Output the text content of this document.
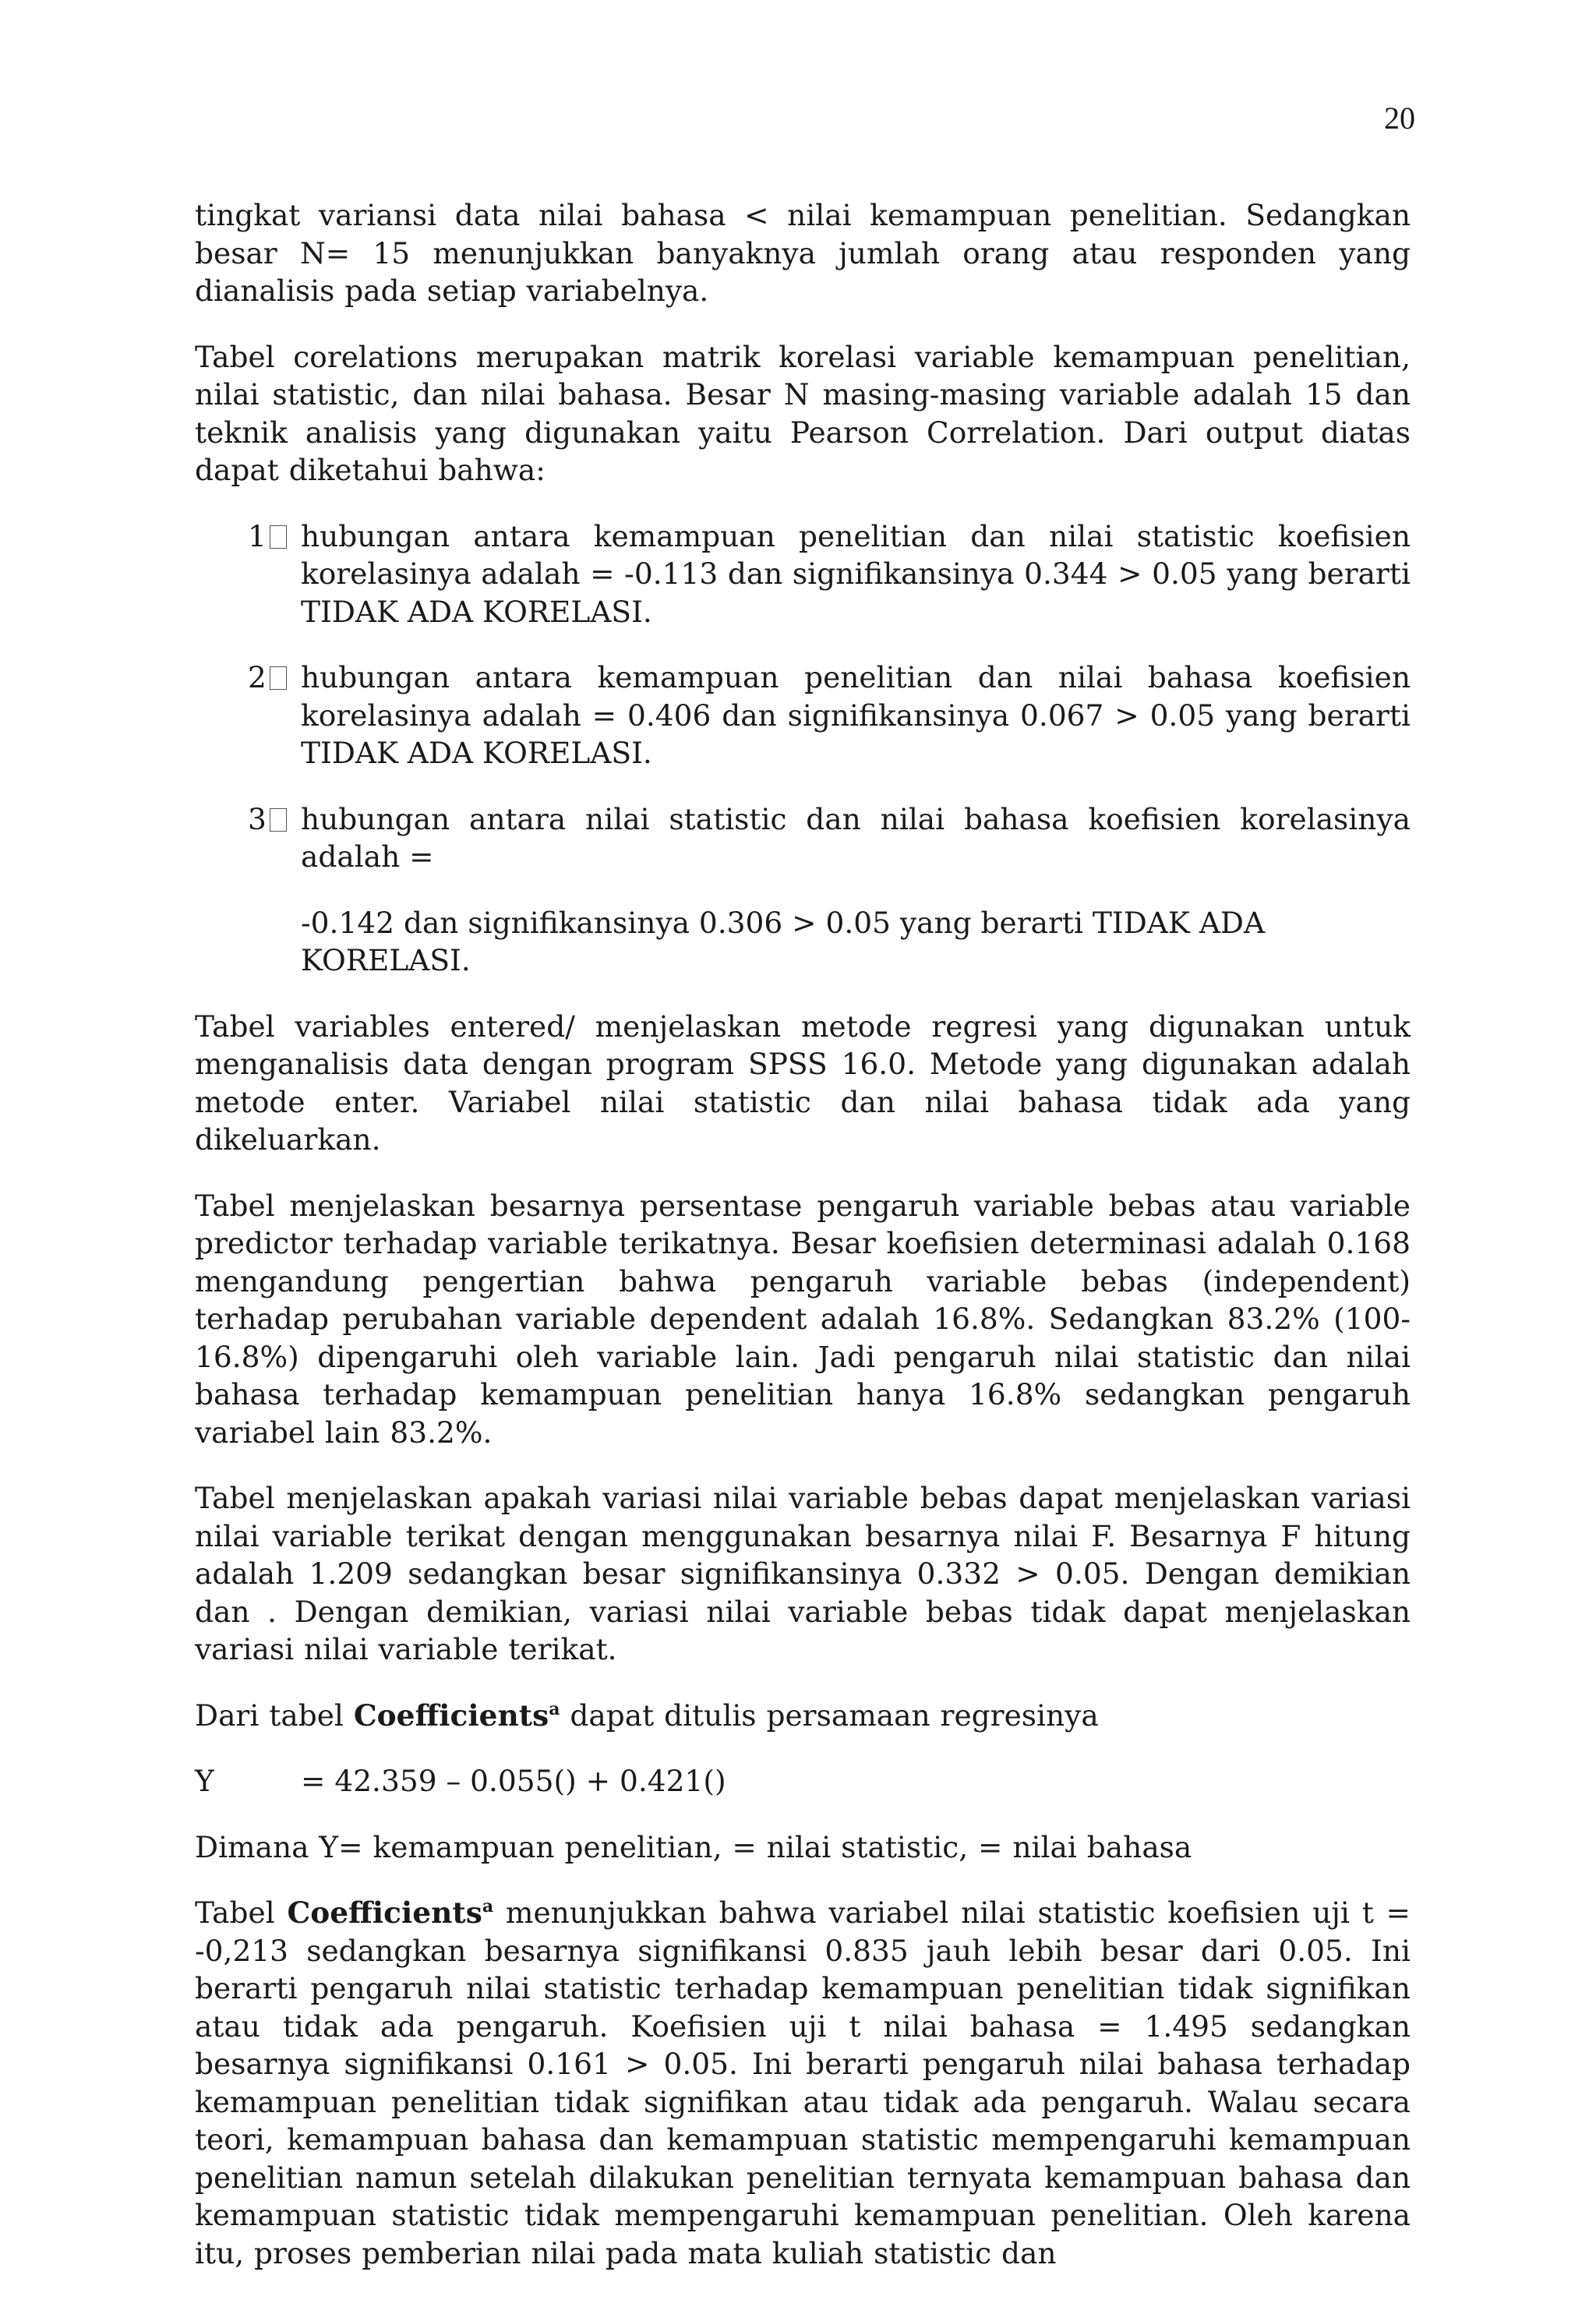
20

tingkat variansi data nilai bahasa < nilai kemampuan penelitian. Sedangkan besar N= 15 menunjukkan banyaknya jumlah orang atau responden yang dianalisis pada setiap variabelnya.

Tabel corelations merupakan matrik korelasi variable kemampuan penelitian, nilai statistic, dan nilai bahasa. Besar N masing-masing variable adalah 15 dan teknik analisis yang digunakan yaitu Pearson Correlation. Dari output diatas dapat diketahui bahwa:

1	hubungan antara kemampuan penelitian dan nilai statistic koefisien korelasinya adalah = -0.113 dan signifikansinya 0.344 > 0.05 yang berarti TIDAK ADA KORELASI.
2	hubungan antara kemampuan penelitian dan nilai bahasa koefisien korelasinya adalah = 0.406 dan signifikansinya 0.067 > 0.05 yang berarti TIDAK ADA KORELASI.
3	hubungan antara nilai statistic dan nilai bahasa koefisien korelasinya adalah =

-0.142 dan signifikansinya 0.306 > 0.05 yang berarti TIDAK ADA KORELASI.

Tabel variables entered/ menjelaskan metode regresi yang digunakan untuk menganalisis data dengan program SPSS 16.0. Metode yang digunakan adalah metode enter. Variabel nilai statistic dan nilai bahasa tidak ada yang dikeluarkan.

Tabel menjelaskan besarnya persentase pengaruh variable bebas atau variable predictor terhadap variable terikatnya. Besar koefisien determinasi adalah 0.168 mengandung pengertian bahwa pengaruh variable bebas (independent) terhadap perubahan variable dependent adalah 16.8%. Sedangkan 83.2% (100-16.8%) dipengaruhi oleh variable lain. Jadi pengaruh nilai statistic dan nilai bahasa terhadap kemampuan penelitian hanya 16.8% sedangkan pengaruh variabel lain 83.2%.

Tabel menjelaskan apakah variasi nilai variable bebas dapat menjelaskan variasi nilai variable terikat dengan menggunakan besarnya nilai F. Besarnya F hitung adalah 1.209 sedangkan besar signifikansinya 0.332 > 0.05. Dengan demikian dan . Dengan demikian, variasi nilai variable bebas tidak dapat menjelaskan variasi nilai variable terikat.

Dari tabel Coefficients$^a$ dapat ditulis persamaan regresinya

Y	= 42.359 – 0.055() + 0.421()

Dimana Y= kemampuan penelitian, = nilai statistic, = nilai bahasa

Tabel Coefficients$^a$ menunjukkan bahwa variabel nilai statistic koefisien uji t = -0,213 sedangkan besarnya signifikansi 0.835 jauh lebih besar dari 0.05. Ini berarti pengaruh nilai statistic terhadap kemampuan penelitian tidak signifikan atau tidak ada pengaruh. Koefisien uji t nilai bahasa = 1.495 sedangkan besarnya signifikansi 0.161 > 0.05. Ini berarti pengaruh nilai bahasa terhadap kemampuan penelitian tidak signifikan atau tidak ada pengaruh. Walau secara teori, kemampuan bahasa dan kemampuan statistic mempengaruhi kemampuan penelitian namun setelah dilakukan penelitian ternyata kemampuan bahasa dan kemampuan statistic tidak mempengaruhi kemampuan penelitian. Oleh karena itu, proses pemberian nilai pada mata kuliah statistic dan
